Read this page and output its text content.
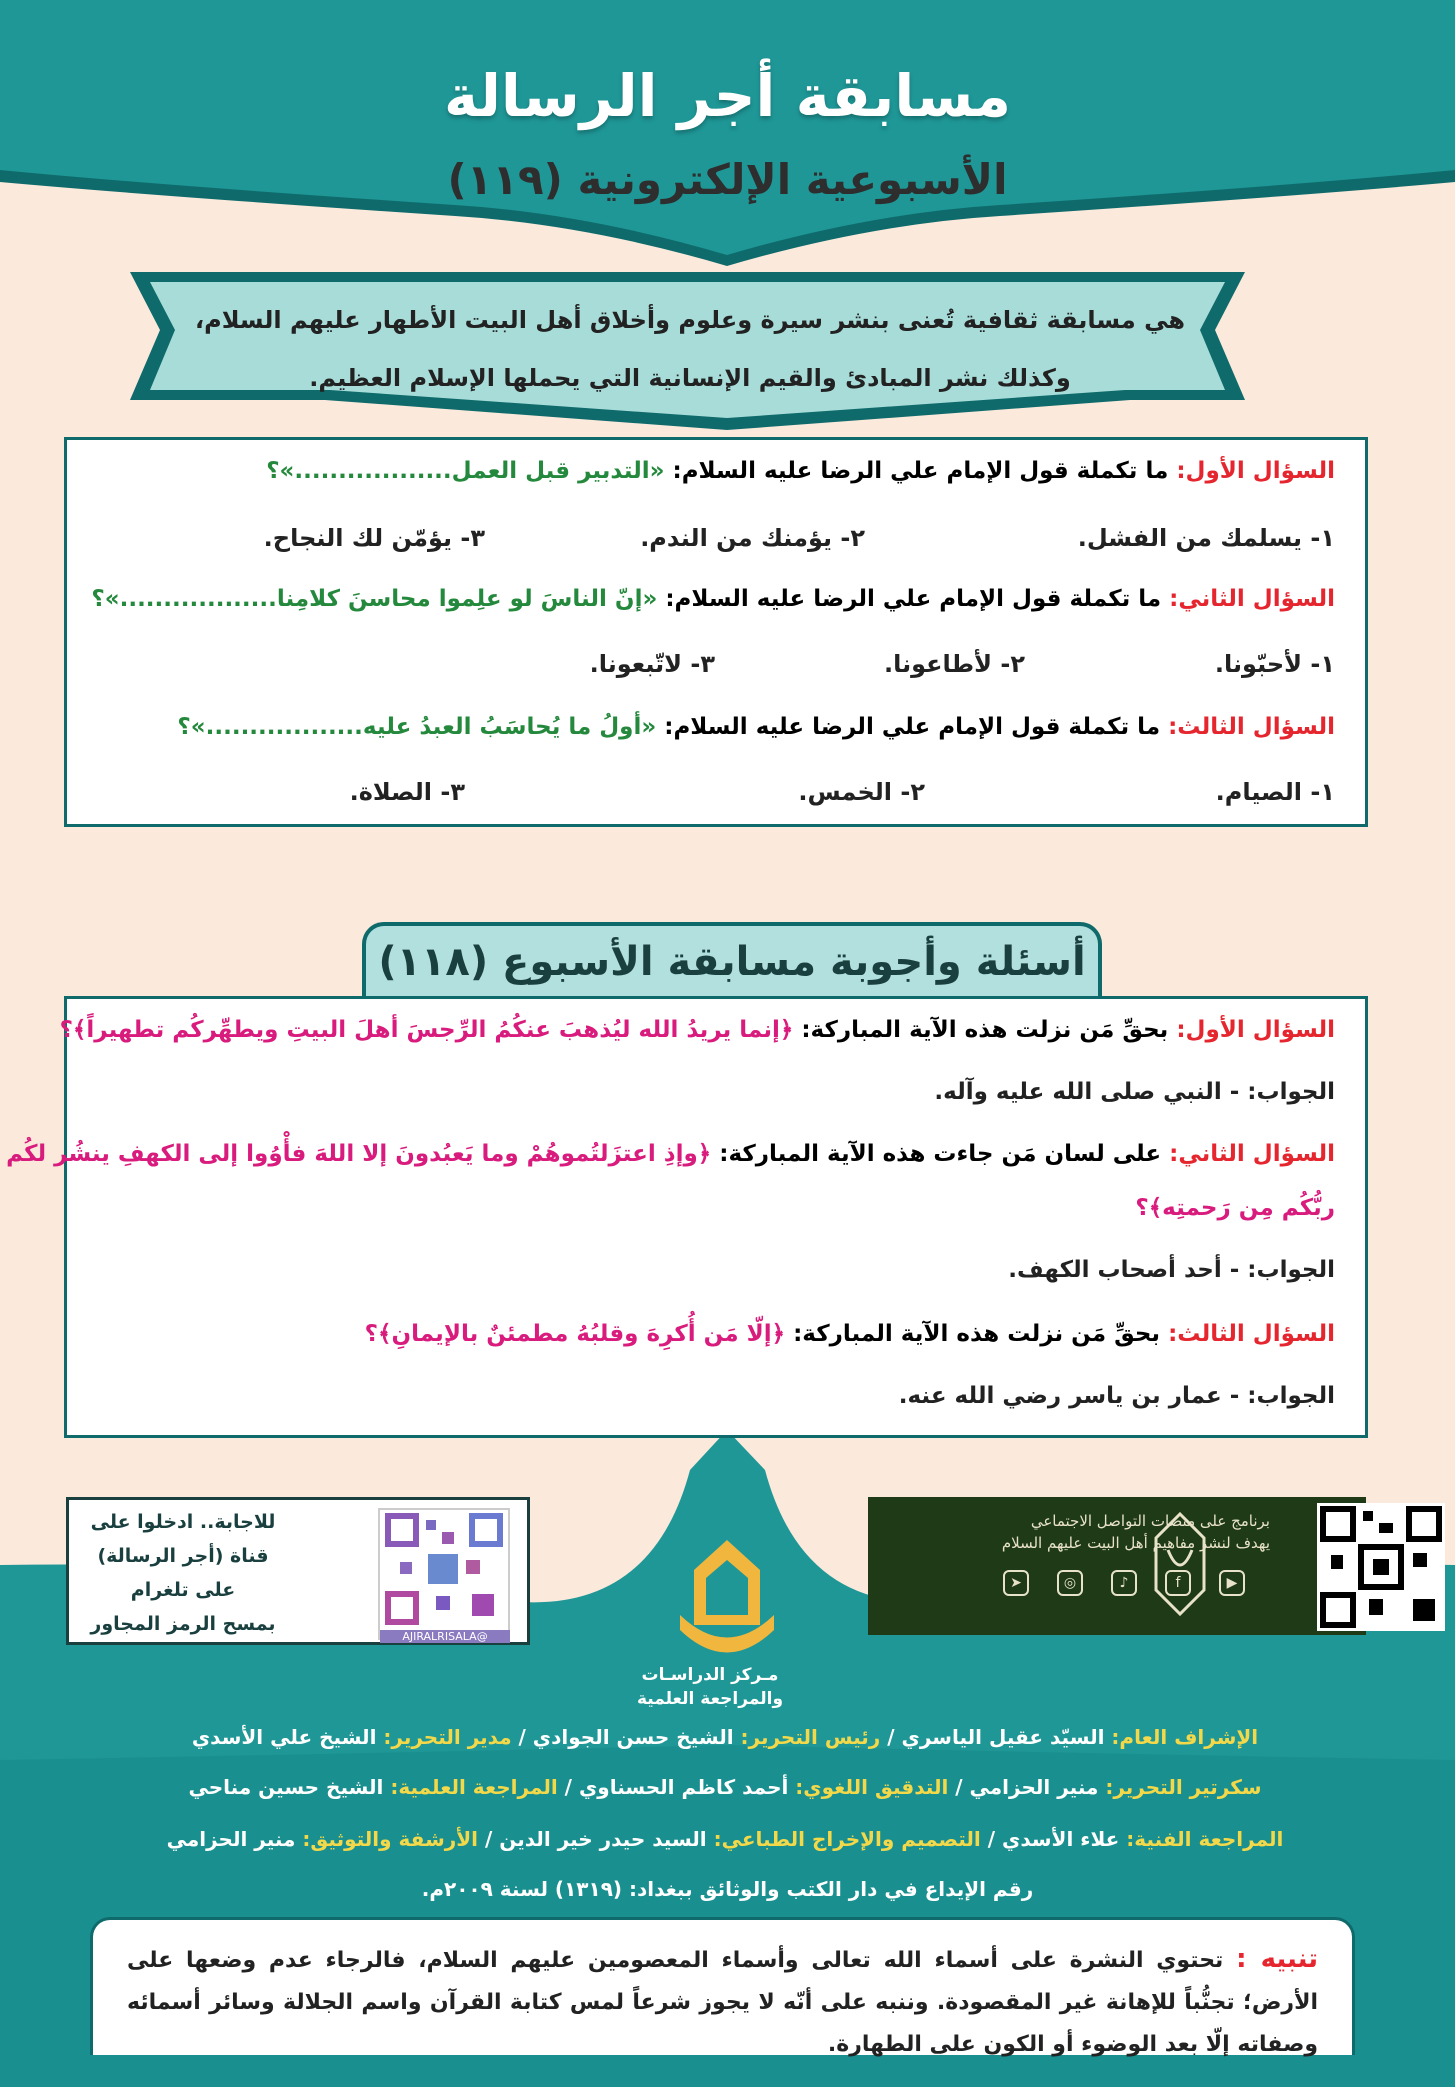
مسابقة أجر الرسالة
الأسبوعية الإلكترونية (١١٩)
هي مسابقة ثقافية تُعنى بنشر سيرة وعلوم وأخلاق أهل البيت الأطهار عليهم السلام،
وكذلك نشر المبادئ والقيم الإنسانية التي يحملها الإسلام العظيم.
السؤال الأول: ما تكملة قول الإمام علي الرضا عليه السلام: «التدبير قبل العمل..................»؟
١- يسلمك من الفشل.
٢- يؤمنك من الندم.
٣- يؤمّن لك النجاح.
السؤال الثاني: ما تكملة قول الإمام علي الرضا عليه السلام: «إنّ الناسَ لو علِموا محاسنَ كلامِنا..................»؟
١- لأحبّونا.
٢- لأطاعونا.
٣- لاتّبعونا.
السؤال الثالث: ما تكملة قول الإمام علي الرضا عليه السلام: «أولُ ما يُحاسَبُ العبدُ عليه..................»؟
١- الصيام.
٢- الخمس.
٣- الصلاة.
أسئلة وأجوبة مسابقة الأسبوع (١١٨)
السؤال الأول: بحقِّ مَن نزلت هذه الآية المباركة: ﴿إنما يريدُ الله ليُذهبَ عنكُمُ الرِّجسَ أهلَ البيتِ ويطهِّركُم تطهيراً﴾؟
الجواب: - النبي صلى الله عليه وآله.
السؤال الثاني: على لسان مَن جاءت هذه الآية المباركة: ﴿وإذِ اعتزَلتُموهُمْ وما يَعبُدونَ إلا اللهَ فأْوُوا إلى الكهفِ ينشُر لكُم
ربُّكُم مِن رَحمتِه﴾؟
الجواب: - أحد أصحاب الكهف.
السؤال الثالث: بحقِّ مَن نزلت هذه الآية المباركة: ﴿إلّا مَن أُكرِهَ وقلبُهُ مطمئنٌ بالإيمانِ﴾؟
الجواب: - عمار بن ياسر رضي الله عنه.
للاجابة.. ادخلوا على
قناة (أجر الرسالة)
على تلغرام
بمسح الرمز المجاور
@AJIRALRISALA
برنامج على منصات التواصل الاجتماعي
يهدف لنشر مفاهيم أهل البيت عليهم السلام
➤	◎	♪	f	▶
مـركز الدراسـات
والمراجعة العلمية
الإشراف العام: السيّد عقيل الياسري / رئيس التحرير: الشيخ حسن الجوادي / مدير التحرير: الشيخ علي الأسدي
سكرتير التحرير: منير الحزامي / التدقيق اللغوي: أحمد كاظم الحسناوي / المراجعة العلمية: الشيخ حسين مناحي
المراجعة الفنية: علاء الأسدي / التصميم والإخراج الطباعي: السيد حيدر خير الدين / الأرشفة والتوثيق: منير الحزامي
رقم الإيداع في دار الكتب والوثائق ببغداد: (١٣١٩) لسنة ٢٠٠٩م.
تنبيه : تحتوي النشرة على أسماء الله تعالى وأسماء المعصومين عليهم السلام، فالرجاء عدم وضعها على الأرض؛ تجنُّباً للإهانة غير المقصودة. وننبه على أنّه لا يجوز شرعاً لمس كتابة القرآن واسم الجلالة وسائر أسمائه وصفاته إلّا بعد الوضوء أو الكون على الطهارة.
